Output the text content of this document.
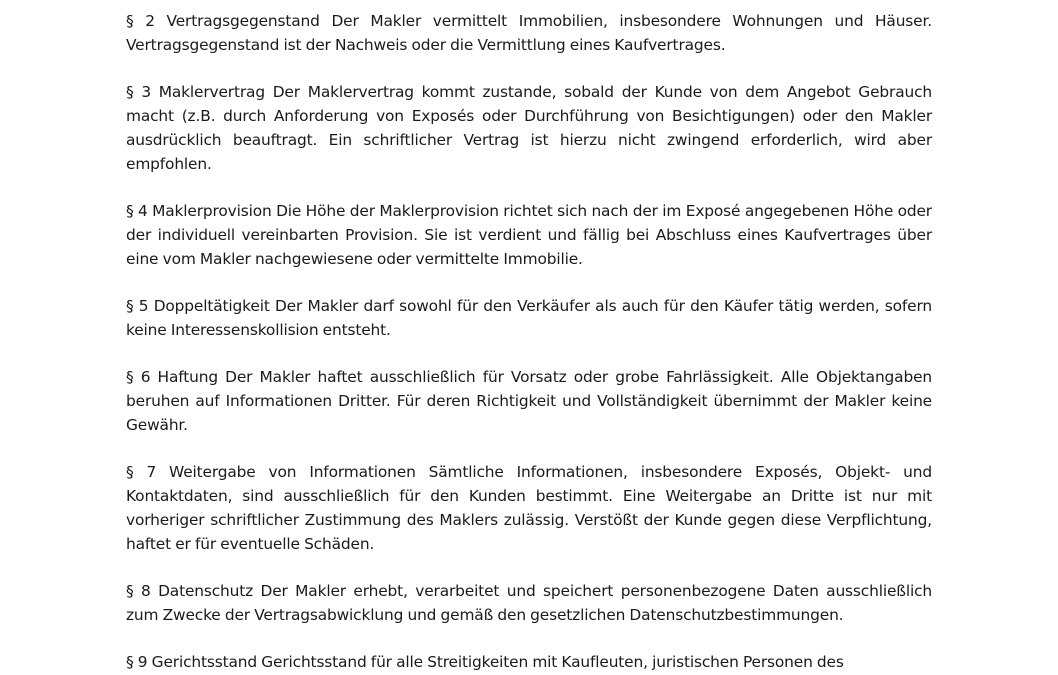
§ 2 Vertragsgegenstand Der Makler vermittelt Immobilien, insbesondere Wohnungen und Häuser. Vertragsgegenstand ist der Nachweis oder die Vermittlung eines Kaufvertrages.

§ 3 Maklervertrag Der Maklervertrag kommt zustande, sobald der Kunde von dem Angebot Gebrauch macht (z.B. durch Anforderung von Exposés oder Durchführung von Besichtigungen) oder den Makler ausdrücklich beauftragt. Ein schriftlicher Vertrag ist hierzu nicht zwingend erforderlich, wird aber empfohlen.

§ 4 Maklerprovision Die Höhe der Maklerprovision richtet sich nach der im Exposé angegebenen Höhe oder der individuell vereinbarten Provision. Sie ist verdient und fällig bei Abschluss eines Kaufvertrages über eine vom Makler nachgewiesene oder vermittelte Immobilie.

§ 5 Doppeltätigkeit Der Makler darf sowohl für den Verkäufer als auch für den Käufer tätig werden, sofern keine Interessenskollision entsteht.

§ 6 Haftung Der Makler haftet ausschließlich für Vorsatz oder grobe Fahrlässigkeit. Alle Objektangaben beruhen auf Informationen Dritter. Für deren Richtigkeit und Vollständigkeit übernimmt der Makler keine Gewähr.

§ 7 Weitergabe von Informationen Sämtliche Informationen, insbesondere Exposés, Objekt- und Kontaktdaten, sind ausschließlich für den Kunden bestimmt. Eine Weitergabe an Dritte ist nur mit vorheriger schriftlicher Zustimmung des Maklers zulässig. Verstößt der Kunde gegen diese Verpflichtung, haftet er für eventuelle Schäden.

§ 8 Datenschutz Der Makler erhebt, verarbeitet und speichert personenbezogene Daten ausschließlich zum Zwecke der Vertragsabwicklung und gemäß den gesetzlichen Datenschutzbestimmungen.

§ 9 Gerichtsstand Gerichtsstand für alle Streitigkeiten mit Kaufleuten, juristischen Personen des
